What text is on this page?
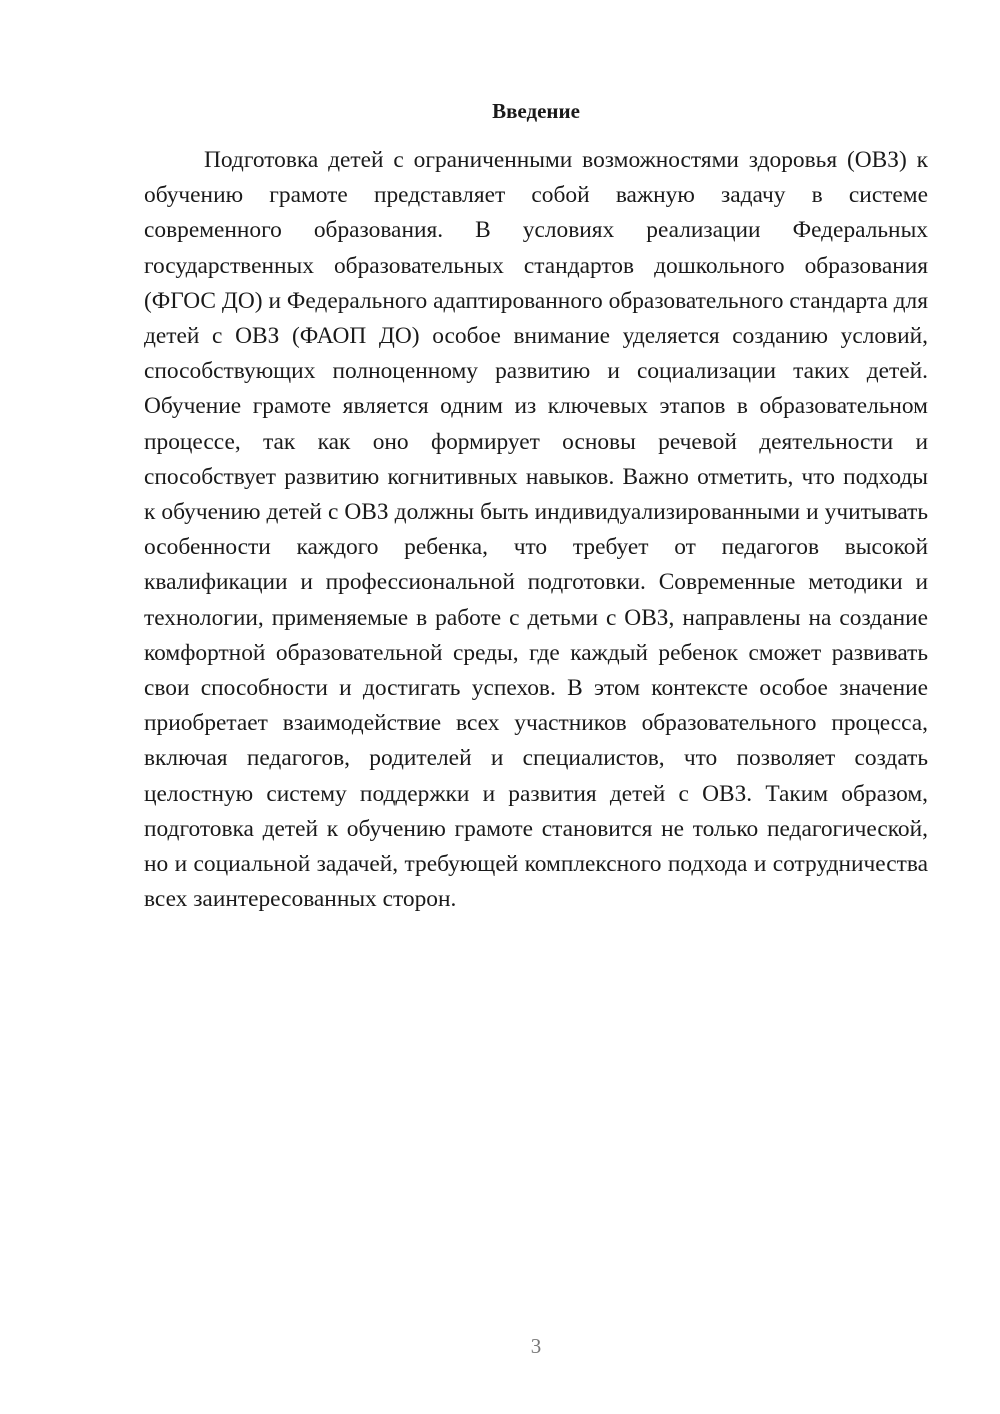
Введение

Подготовка детей с ограниченными возможностями здоровья (ОВЗ) к обучению грамоте представляет собой важную задачу в системе современного образования. В условиях реализации Федеральных государственных образовательных стандартов дошкольного образования (ФГОС ДО) и Федерального адаптированного образовательного стандарта для детей с ОВЗ (ФАОП ДО) особое внимание уделяется созданию условий, способствующих полноценному развитию и социализации таких детей. Обучение грамоте является одним из ключевых этапов в образовательном процессе, так как оно формирует основы речевой деятельности и способствует развитию когнитивных навыков. Важно отметить, что подходы к обучению детей с ОВЗ должны быть индивидуализированными и учитывать особенности каждого ребенка, что требует от педагогов высокой квалификации и профессиональной подготовки. Современные методики и технологии, применяемые в работе с детьми с ОВЗ, направлены на создание комфортной образовательной среды, где каждый ребенок сможет развивать свои способности и достигать успехов. В этом контексте особое значение приобретает взаимодействие всех участников образовательного процесса, включая педагогов, родителей и специалистов, что позволяет создать целостную систему поддержки и развития детей с ОВЗ. Таким образом, подготовка детей к обучению грамоте становится не только педагогической, но и социальной задачей, требующей комплексного подхода и сотрудничества всех заинтересованных сторон.

3
